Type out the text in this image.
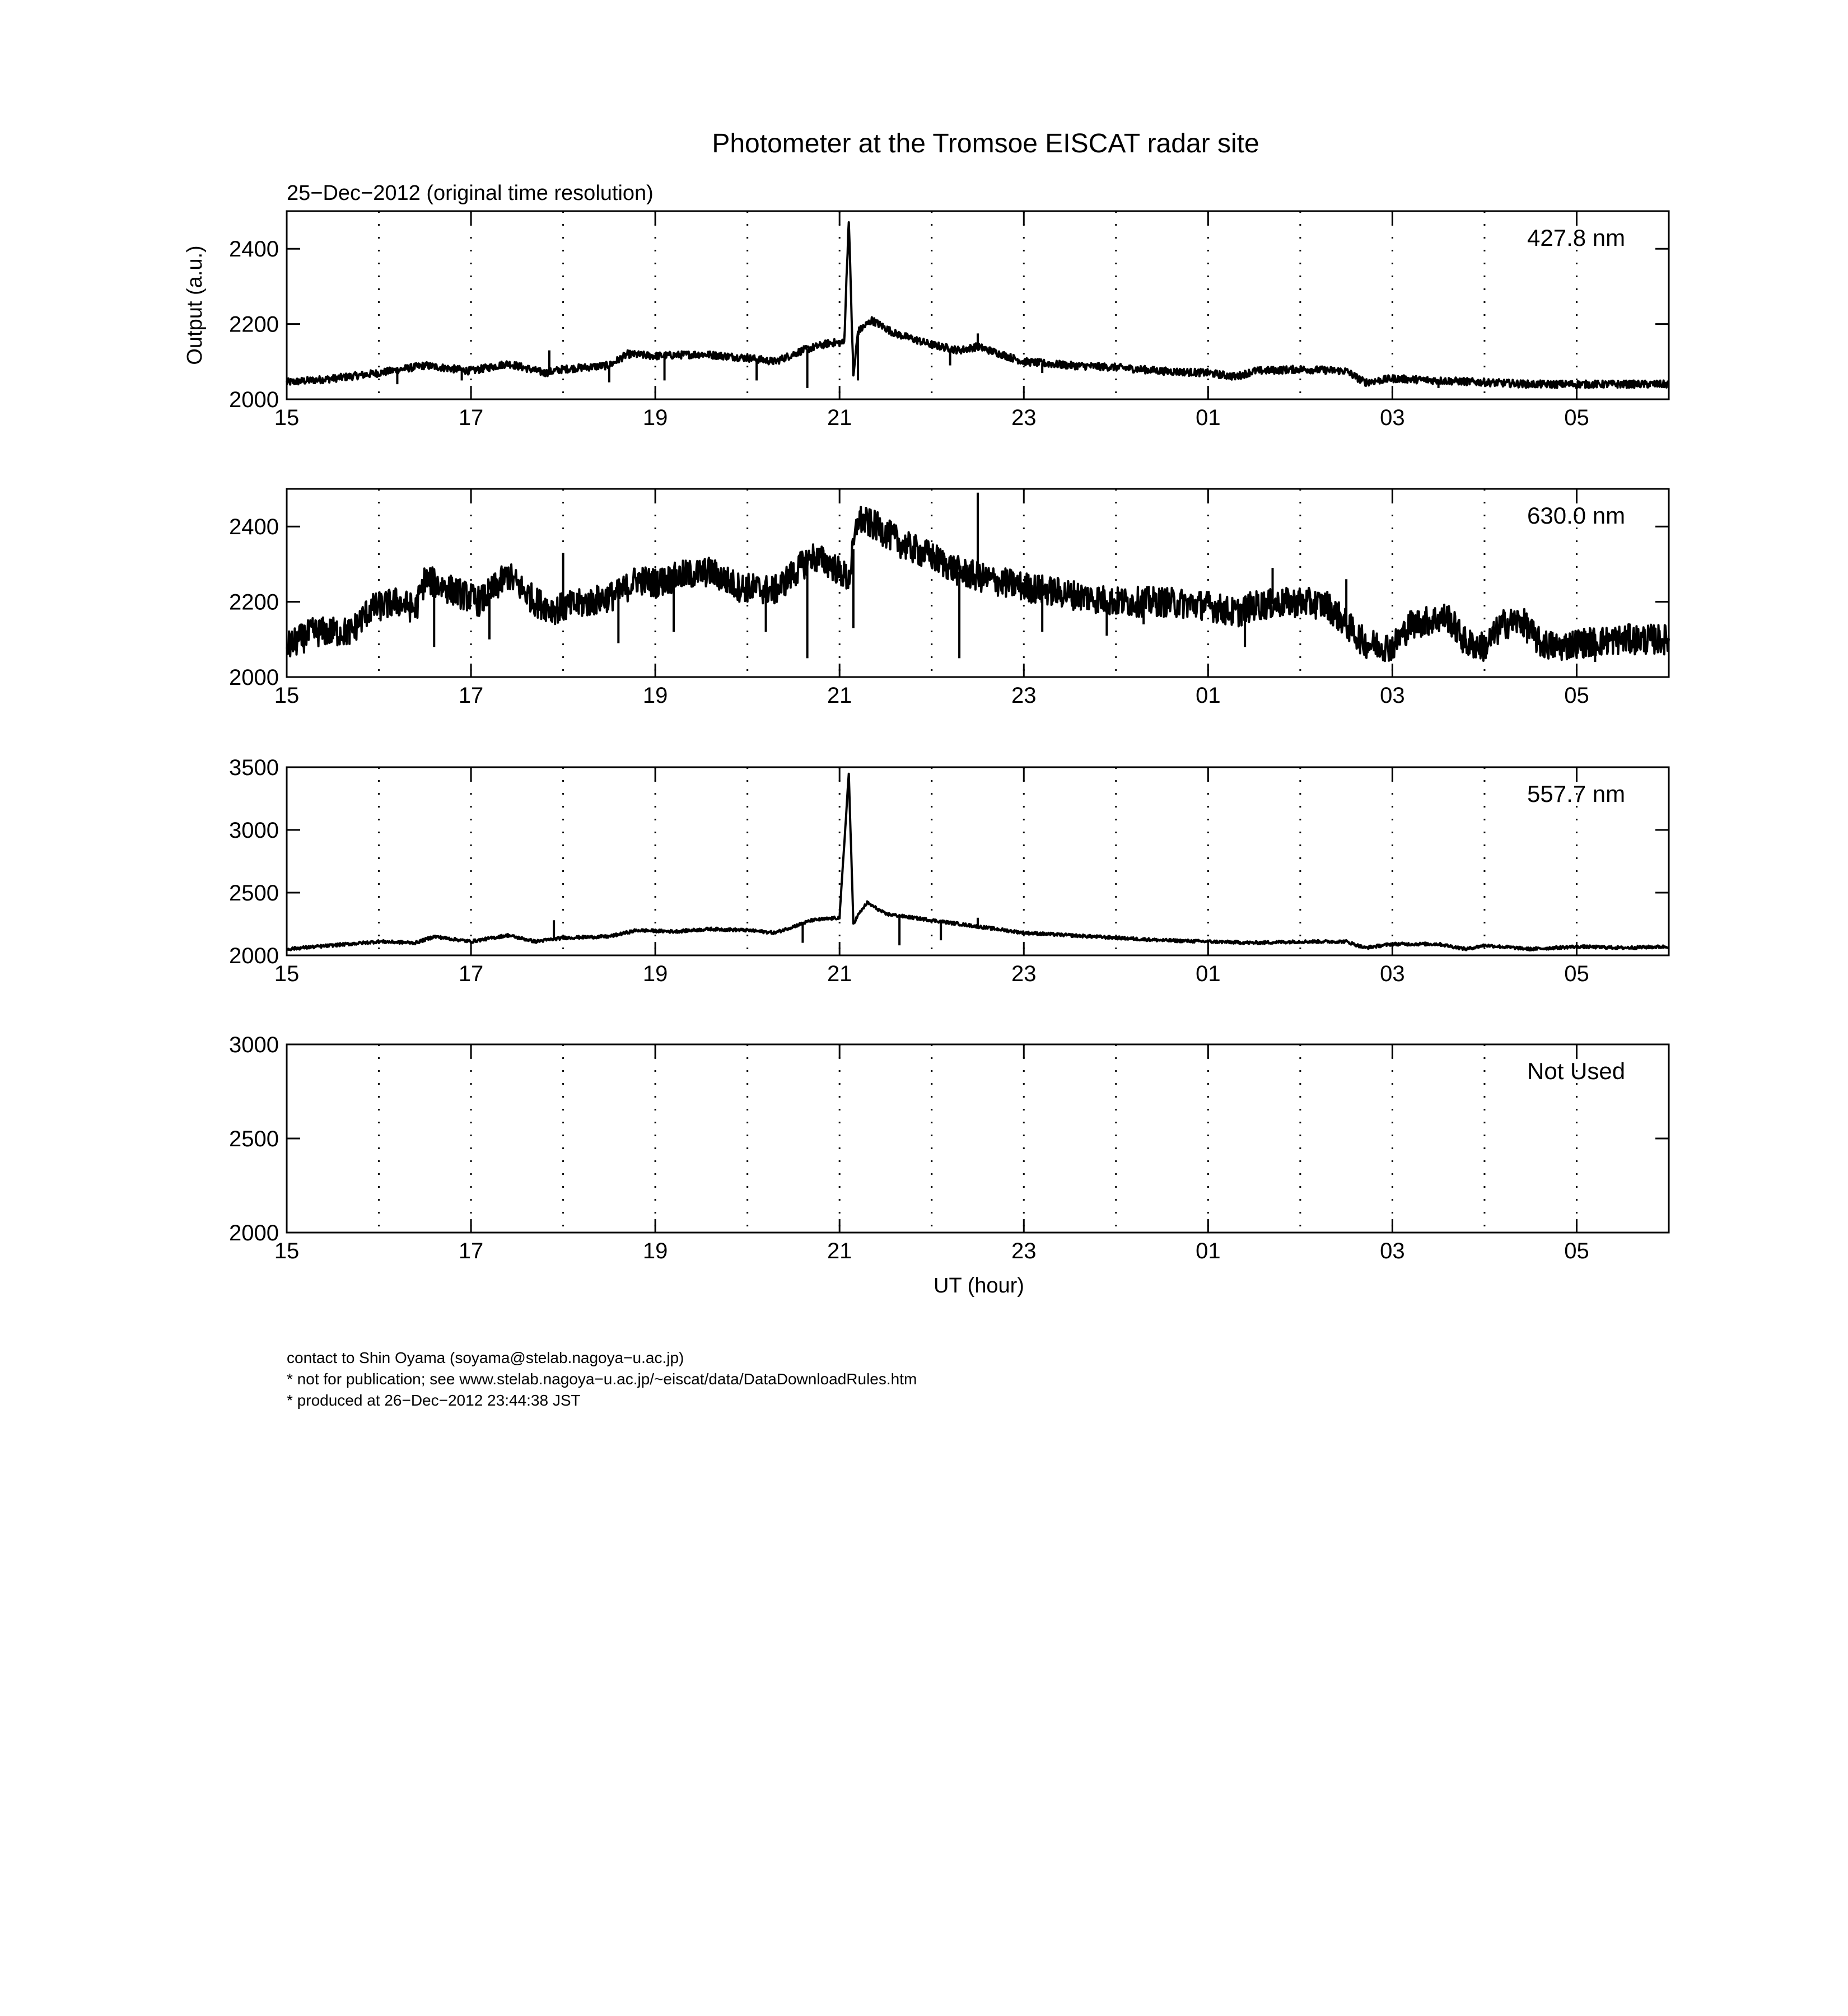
Photometer at the Tromsoe EISCAT radar site
25−Dec−2012 (original time resolution)
Output (a.u.)
UT (hour)
15	17	19	21	23	01	03	05
2000
2200
2400	427.8 nm
15	17	19	21	23	01	03	05
2000
2200
2400	630.0 nm
15	17	19	21	23	01	03	05
2000
2500
3000
3500
557.7 nm
15	17	19	21	23	01	03	05
2000
2500
3000
Not Used
contact to Shin Oyama (soyama@stelab.nagoya−u.ac.jp)
* not for publication; see www.stelab.nagoya−u.ac.jp/~eiscat/data/DataDownloadRules.htm
* produced at 26−Dec−2012 23:44:38 JST
